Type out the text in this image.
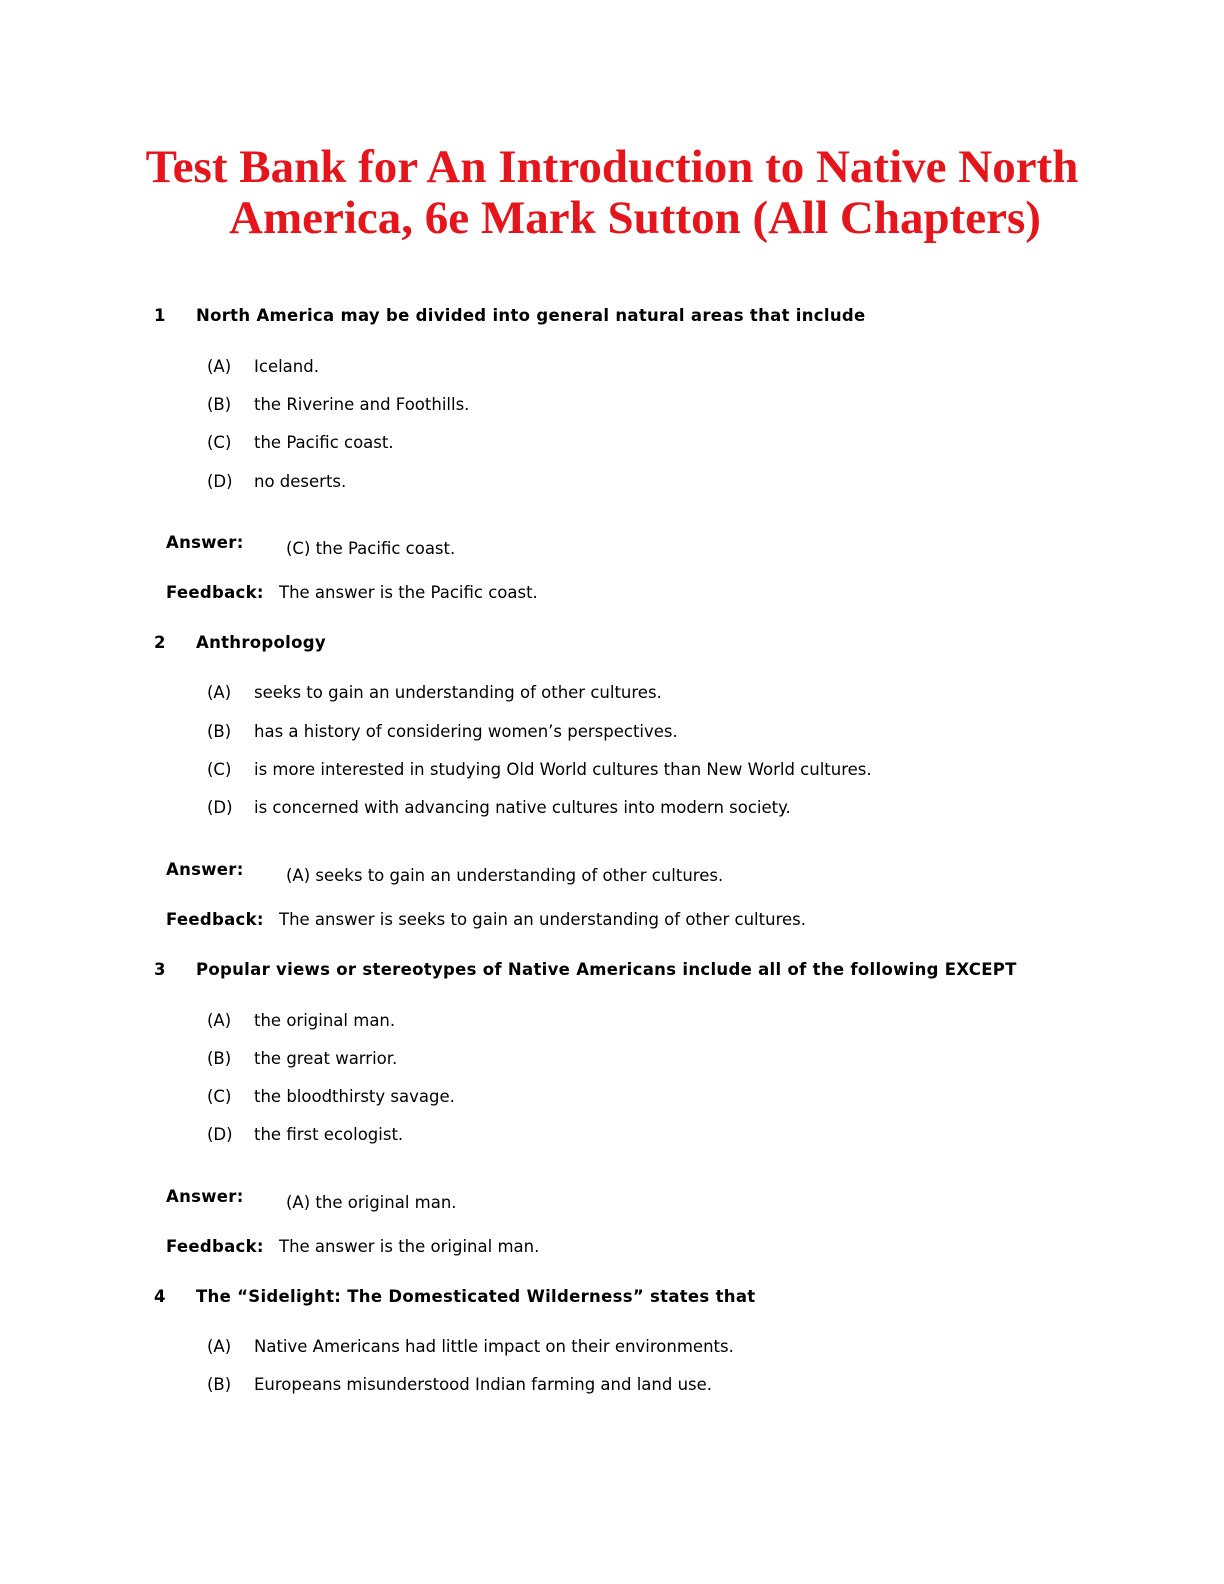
Test Bank for An Introduction to Native North
America, 6e Mark Sutton (All Chapters)
1 North America may be divided into general natural areas that include
(A) Iceland.
(B) the Riverine and Foothills.
(C) the Pacific coast.
(D) no deserts.
Answer:	(C) the Pacific coast.
Feedback: The answer is the Pacific coast.
2 Anthropology
(A) seeks to gain an understanding of other cultures.
(B) has a history of considering women’s perspectives.
(C) is more interested in studying Old World cultures than New World cultures.
(D) is concerned with advancing native cultures into modern society.
Answer:	(A) seeks to gain an understanding of other cultures.
Feedback: The answer is seeks to gain an understanding of other cultures.
3 Popular views or stereotypes of Native Americans include all of the following EXCEPT
(A) the original man.
(B) the great warrior.
(C) the bloodthirsty savage.
(D) the first ecologist.
Answer:	(A) the original man.
Feedback: The answer is the original man.
4 The “Sidelight: The Domesticated Wilderness” states that
(A) Native Americans had little impact on their environments.
(B) Europeans misunderstood Indian farming and land use.
